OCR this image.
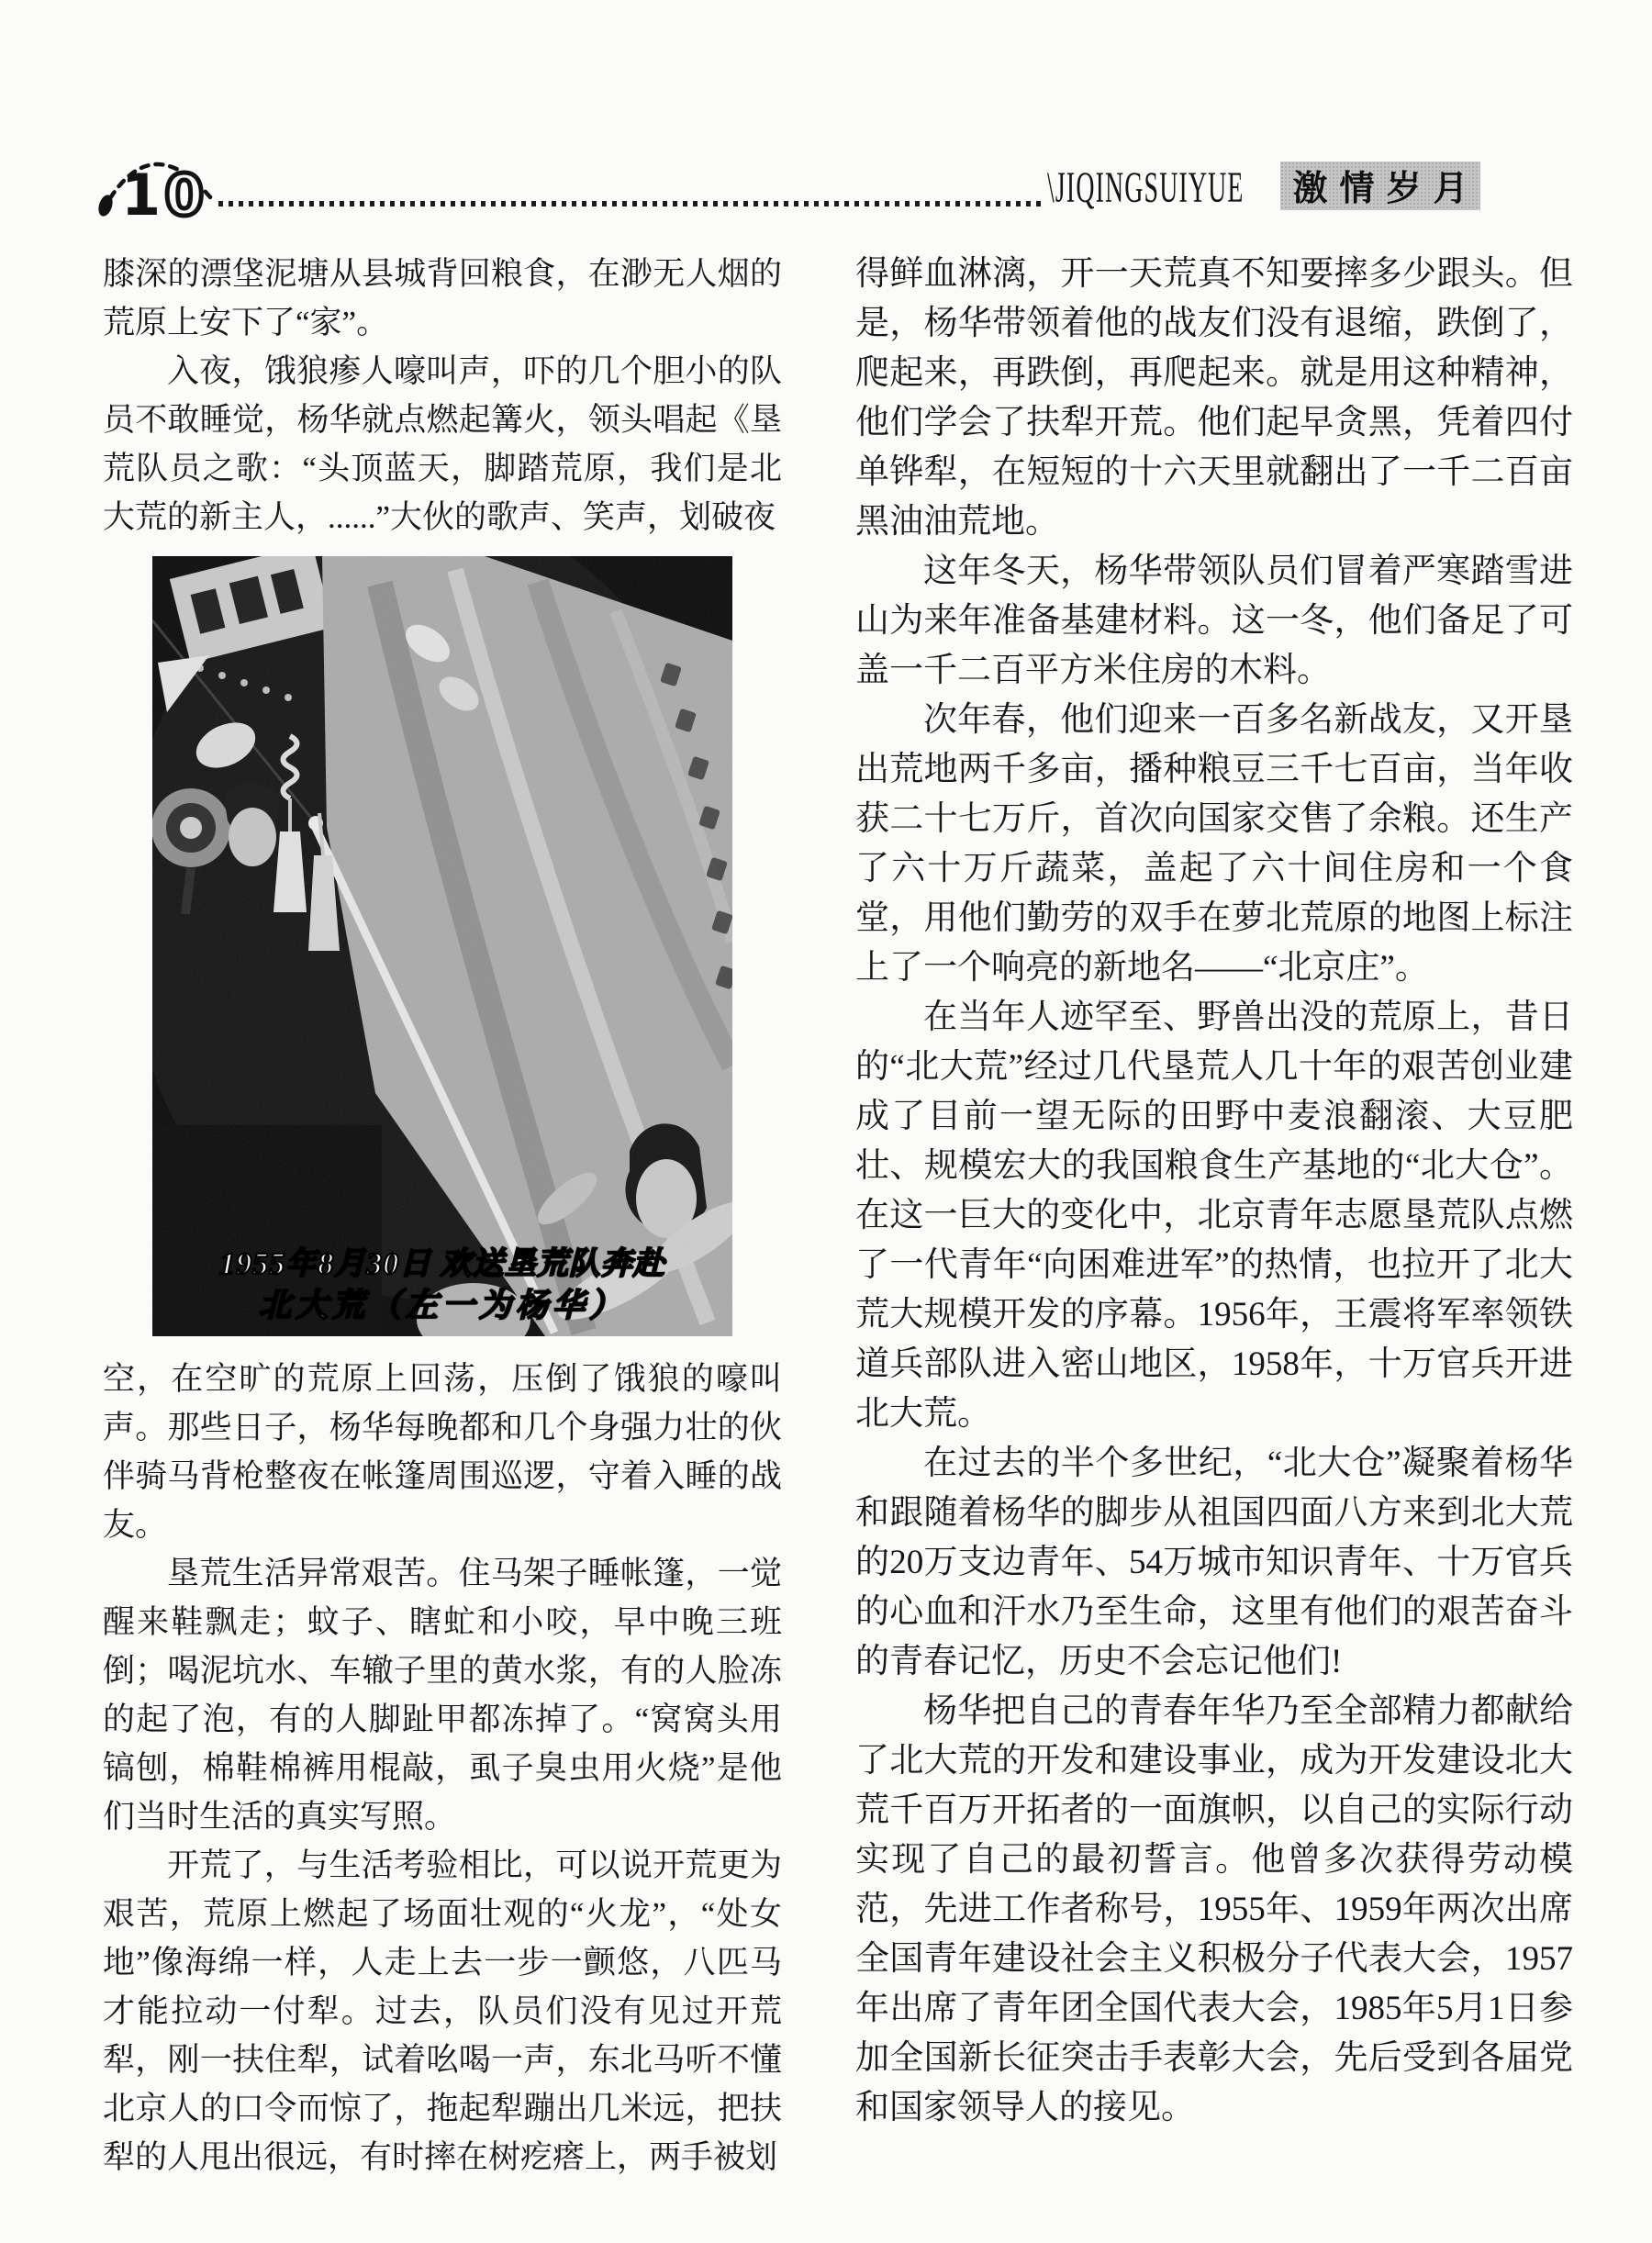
10	\JIQINGSUIYUE 激情岁月

膝深的漂垡泥塘从县城背回粮食，在渺无人烟的荒原上安下了“家”。

入夜，饿狼瘆人嚎叫声，吓的几个胆小的队员不敢睡觉，杨华就点燃起篝火，领头唱起《垦荒队员之歌：“头顶蓝天，脚踏荒原，我们是北大荒的新主人，......”大伙的歌声、笑声，划破夜

1955年8月30日 欢送垦荒队奔赴
北大荒（左一为杨华）

空，在空旷的荒原上回荡，压倒了饿狼的嚎叫声。那些日子，杨华每晚都和几个身强力壮的伙伴骑马背枪整夜在帐篷周围巡逻，守着入睡的战友。

垦荒生活异常艰苦。住马架子睡帐篷，一觉醒来鞋飘走；蚊子、瞎虻和小咬，早中晚三班倒；喝泥坑水、车辙子里的黄水浆，有的人脸冻的起了泡，有的人脚趾甲都冻掉了。“窝窝头用镐刨，棉鞋棉裤用棍敲，虱子臭虫用火烧”是他们当时生活的真实写照。

开荒了，与生活考验相比，可以说开荒更为艰苦，荒原上燃起了场面壮观的“火龙”，“处女地”像海绵一样，人走上去一步一颤悠，八匹马才能拉动一付犁。过去，队员们没有见过开荒犁，刚一扶住犁，试着吆喝一声，东北马听不懂北京人的口令而惊了，拖起犁蹦出几米远，把扶犁的人甩出很远，有时摔在树疙瘩上，两手被划

得鲜血淋漓，开一天荒真不知要摔多少跟头。但是，杨华带领着他的战友们没有退缩，跌倒了，爬起来，再跌倒，再爬起来。就是用这种精神，他们学会了扶犁开荒。他们起早贪黑，凭着四付单铧犁，在短短的十六天里就翻出了一千二百亩黑油油荒地。

这年冬天，杨华带领队员们冒着严寒踏雪进山为来年准备基建材料。这一冬，他们备足了可盖一千二百平方米住房的木料。

次年春，他们迎来一百多名新战友，又开垦出荒地两千多亩，播种粮豆三千七百亩，当年收获二十七万斤，首次向国家交售了余粮。还生产了六十万斤蔬菜，盖起了六十间住房和一个食堂，用他们勤劳的双手在萝北荒原的地图上标注上了一个响亮的新地名——“北京庄”。

在当年人迹罕至、野兽出没的荒原上，昔日的“北大荒”经过几代垦荒人几十年的艰苦创业建成了目前一望无际的田野中麦浪翻滚、大豆肥壮、规模宏大的我国粮食生产基地的“北大仓”。在这一巨大的变化中，北京青年志愿垦荒队点燃了一代青年“向困难进军”的热情，也拉开了北大荒大规模开发的序幕。1956年，王震将军率领铁道兵部队进入密山地区，1958年，十万官兵开进北大荒。

在过去的半个多世纪，“北大仓”凝聚着杨华和跟随着杨华的脚步从祖国四面八方来到北大荒的20万支边青年、54万城市知识青年、十万官兵的心血和汗水乃至生命，这里有他们的艰苦奋斗的青春记忆，历史不会忘记他们!

杨华把自己的青春年华乃至全部精力都献给了北大荒的开发和建设事业，成为开发建设北大荒千百万开拓者的一面旗帜，以自己的实际行动实现了自己的最初誓言。他曾多次获得劳动模范，先进工作者称号，1955年、1959年两次出席全国青年建设社会主义积极分子代表大会，1957年出席了青年团全国代表大会，1985年5月1日参加全国新长征突击手表彰大会，先后受到各届党和国家领导人的接见。
